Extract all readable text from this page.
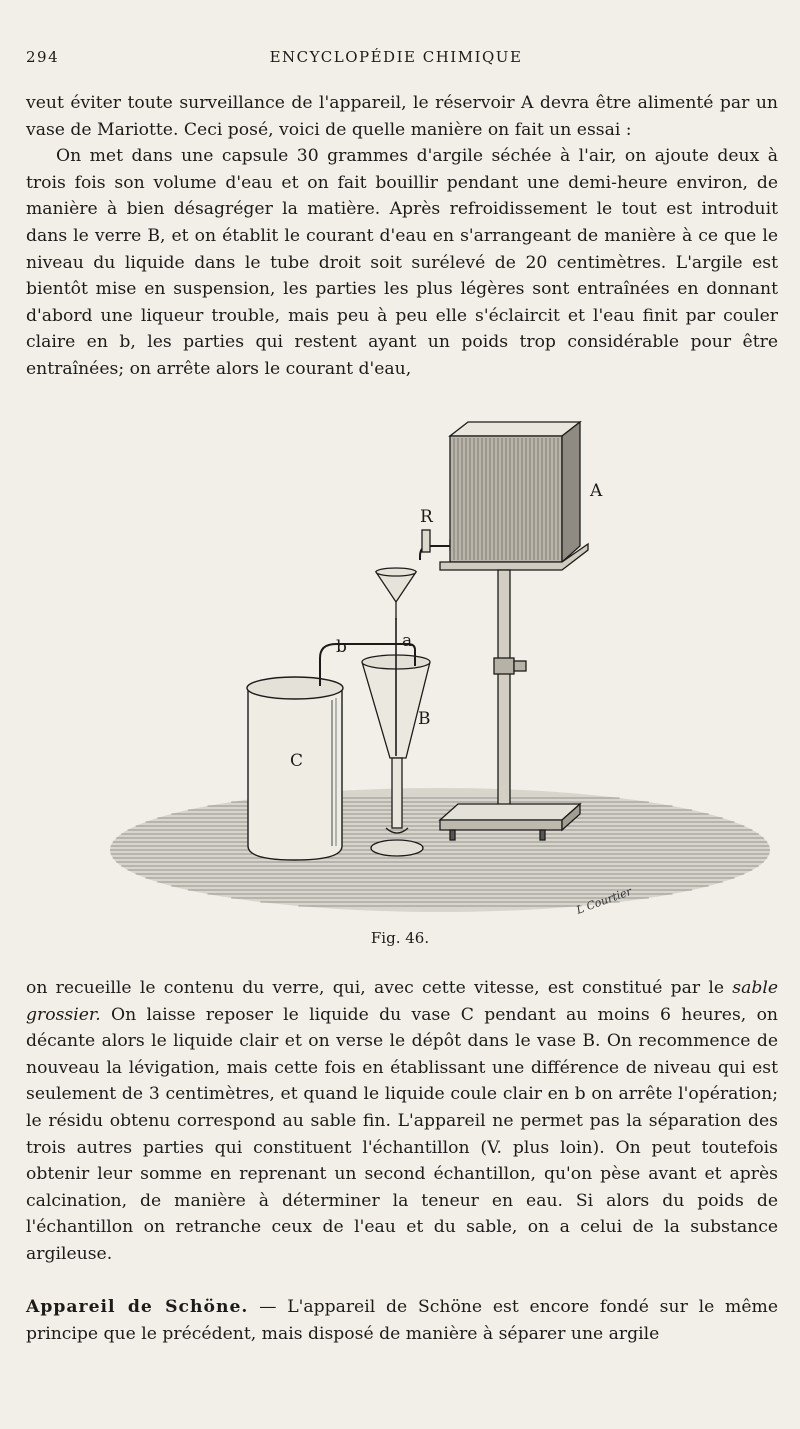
294	ENCYCLOPÉDIE CHIMIQUE

veut éviter toute surveillance de l'appareil, le réservoir A devra être alimenté par un vase de Mariotte. Ceci posé, voici de quelle manière on fait un essai :

On met dans une capsule 30 grammes d'argile séchée à l'air, on ajoute deux à trois fois son volume d'eau et on fait bouillir pendant une demi-heure environ, de manière à bien désagréger la matière. Après refroidissement le tout est introduit dans le verre B, et on établit le courant d'eau en s'arrangeant de manière à ce que le niveau du liquide dans le tube droit soit surélevé de 20 centimètres. L'argile est bientôt mise en suspension, les parties les plus légères sont entraînées en donnant d'abord une liqueur trouble, mais peu à peu elle s'éclaircit et l'eau finit par couler claire en b, les parties qui restent ayant un poids trop considérable pour être entraînées; on arrête alors le courant d'eau,

A
R
a
b
B
C
L Courtier
Fig. 46.

on recueille le contenu du verre, qui, avec cette vitesse, est constitué par le sable grossier. On laisse reposer le liquide du vase C pendant au moins 6 heures, on décante alors le liquide clair et on verse le dépôt dans le vase B. On recommence de nouveau la lévigation, mais cette fois en établissant une différence de niveau qui est seulement de 3 centimètres, et quand le liquide coule clair en b on arrête l'opération; le résidu obtenu correspond au sable fin. L'appareil ne permet pas la séparation des trois autres parties qui constituent l'échantillon (V. plus loin). On peut toutefois obtenir leur somme en reprenant un second échantillon, qu'on pèse avant et après calcination, de manière à déterminer la teneur en eau. Si alors du poids de l'échantillon on retranche ceux de l'eau et du sable, on a celui de la substance argileuse.

Appareil de Schöne. — L'appareil de Schöne est encore fondé sur le même principe que le précédent, mais disposé de manière à séparer une argile
